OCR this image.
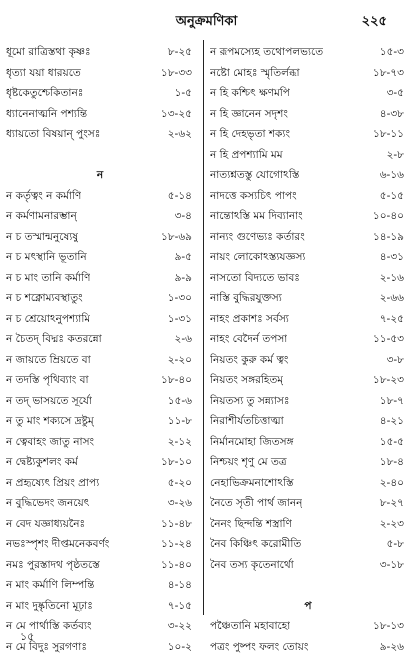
অনুক্রমণিকা	২২৫
ধূমো রাত্রিস্তথা কৃষ্ণঃ	৮-২৫
ধৃত্যা যয়া ধারয়তে	১৮-৩৩
ধৃষ্টকেতুশ্চেকিতানঃ	১-৫
ধ্যানেনাত্মনি পশ্যন্তি	১৩-২৫
ধ্যায়তো বিষয়ান্ পুংসঃ	২-৬২
ন
ন কর্তৃত্বং ন কর্মাণি	৫-১৪
ন কর্মণামনারম্ভান্	৩-৪
ন চ তস্মান্মনুষ্যেষু	১৮-৬৯
ন চ মৎস্থানি ভূতানি	৯-৫
ন চ মাং তানি কর্মাণি	৯-৯
ন চ শক্নোম্যবস্থাতুং	১-৩০
ন চ শ্রেয়োঽনুপশ্যামি	১-৩১
ন চৈতদ্ বিদ্মঃ কতরন্নো	২-৬
ন জায়তে ম্রিয়তে বা	২-২০
ন তদস্তি পৃথিব্যাং বা	১৮-৪০
ন তদ্ ভাসয়তে সূর্যো	১৫-৬
ন তু মাং শক্যসে দ্রষ্টুম্	১১-৮
ন ত্বেবাহং জাতু নাসং	২-১২
ন দ্বেষ্ট্যকুশলং কর্ম	১৮-১০
ন প্রহৃষ্যেৎ প্রিয়ং প্রাপ্য	৫-২০
ন বুদ্ধিভেদং জনয়েৎ	৩-২৬
ন বেদ যজ্ঞাধ্যয়নৈঃ	১১-৪৮
নভঃস্পৃশং দীপ্তমনেকবর্ণং	১১-২৪
নমঃ পুরস্তাদথ পৃষ্ঠতস্তে	১১-৪০
ন মাং কর্মাণি লিম্পন্তি	৪-১৪
ন মাং দুষ্কৃতিনো মূঢ়াঃ	৭-১৫
ন মে পার্থাস্তি কর্তব্যং	৩-২২
ন মে বিদুঃ সুরগণাঃ	১০-২
ন রূপমস্যেহ তথোপলভ্যতে	১৫-৩
নষ্টো মোহঃ স্মৃতির্লব্ধা	১৮-৭৩
ন হি কশ্চিৎ ক্ষণমপি	৩-৫
ন হি জ্ঞানেন সদৃশং	৪-৩৮
ন হি দেহভৃতা শক্যং	১৮-১১
ন হি প্রপশ্যামি মম	২-৮
নাত্যশ্নতস্তু যোগোঽস্তি	৬-১৬
নাদত্তে কস্যচিৎ পাপং	৫-১৫
নান্তোঽস্তি মম দিব্যানাং	১০-৪০
নান্যং গুণেভ্যঃ কর্তারং	১৪-১৯
নায়ং লোকোঽস্ত্যযজ্ঞস্য	৪-৩১
নাসতো বিদ্যতে ভাবঃ	২-১৬
নাস্তি বুদ্ধিরযুক্তস্য	২-৬৬
নাহং প্রকাশঃ সর্বস্য	৭-২৫
নাহং বেদৈর্ন তপসা	১১-৫৩
নিয়তং কুরু কর্ম ত্বং	৩-৮
নিয়তং সঙ্গরহিতম্	১৮-২৩
নিয়তস্য তু সন্ন্যাসঃ	১৮-৭
নিরাশীর্যতচিত্তাত্মা	৪-২১
নির্মানমোহা জিতসঙ্গ	১৫-৫
নিশ্চয়ং শৃণু মে তত্র	১৮-৪
নেহাভিক্রমনাশোঽস্তি	২-৪০
নৈতে সৃতী পার্থ জানন্	৮-২৭
নৈনং ছিন্দন্তি শস্ত্রাণি	২-২৩
নৈব কিঞ্চিৎ করোমীতি	৫-৮
নৈব তস্য কৃতেনার্থো	৩-১৮
প
পঞ্চৈতানি মহাবাহো	১৮-১৩
পত্রং পুষ্পং ফলং তোয়ং	৯-২৬
১৫
